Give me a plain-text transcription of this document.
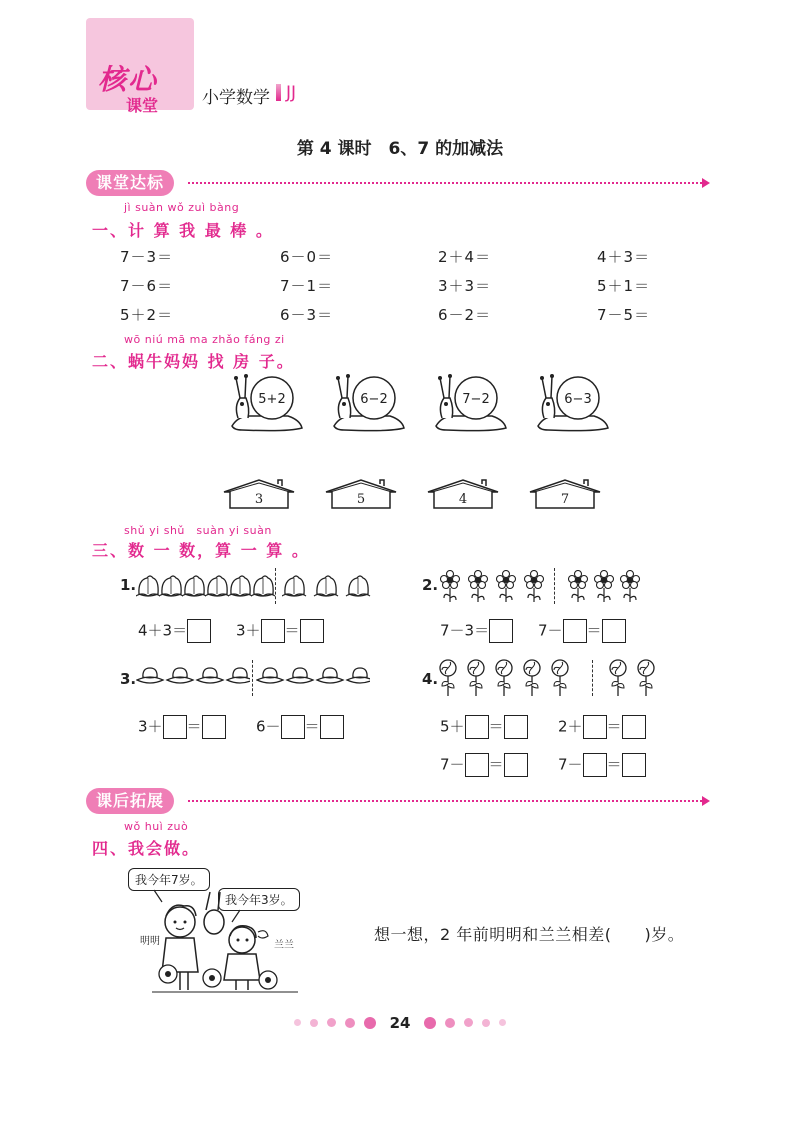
核心
课堂	小学数学 JJ
第 4 课时　6、7 的加减法
课堂达标
jì suàn wǒ zuì bàng
一、计 算 我 最 棒 。
7－3＝	6－0＝	2＋4＝	4＋3＝
7－6＝	7－1＝	3＋3＝	5＋1＝
5＋2＝	6－3＝	6－2＝	7－5＝
wō niú mā ma zhǎo fáng zi
二、蜗牛妈妈 找 房 子。
5+2	6−2	7−2	6−3
3	5	4	7
shǔ yi shǔ　suàn yi suàn
三、数 一 数，算 一 算 。
1.
4＋3＝	3＋ ＝
2.
7－3＝	7－ ＝
3.
3＋ ＝	6－ ＝
4.
5＋ ＝	2＋ ＝
7－ ＝	7－ ＝
课后拓展
wǒ huì zuò
四、我会做。
我今年7岁。
我今年3岁。
明明	兰兰
想一想，2 年前明明和兰兰相差(　　)岁。
24
